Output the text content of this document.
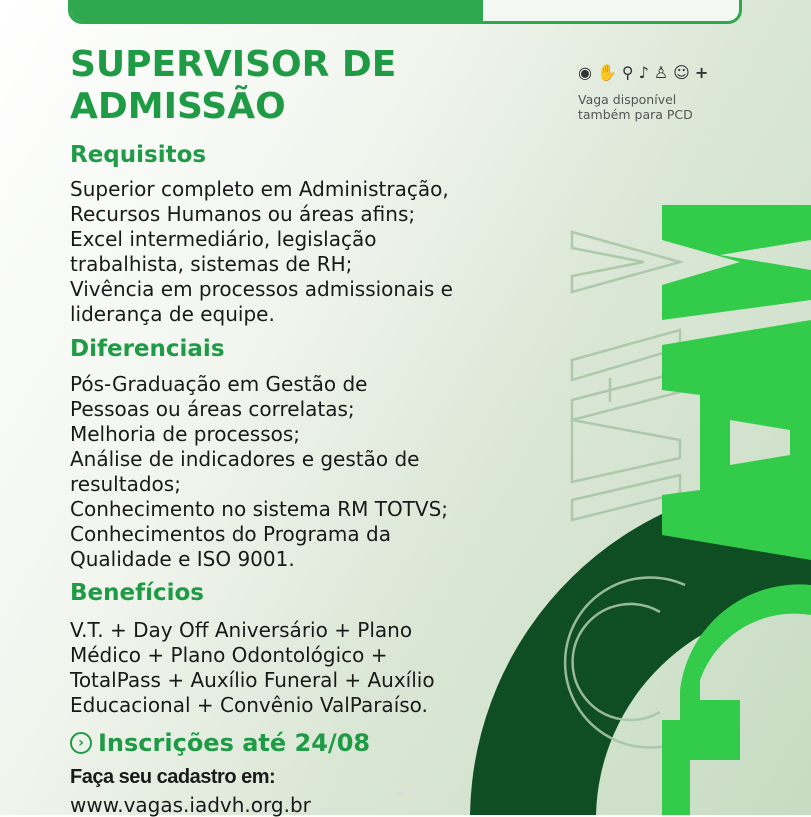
SUPERVISOR DE
ADMISSÃO
◉ ✋ ⚲ ♪ ♙ ☺ +
Vaga disponível
também para PCD
Requisitos
Superior completo em Administração,
Recursos Humanos ou áreas afins;
Excel intermediário, legislação
trabalhista, sistemas de RH;
Vivência em processos admissionais e
liderança de equipe.
Diferenciais
Pós-Graduação em Gestão de
Pessoas ou áreas correlatas;
Melhoria de processos;
Análise de indicadores e gestão de
resultados;
Conhecimento no sistema RM TOTVS;
Conhecimentos do Programa da
Qualidade e ISO 9001.
Benefícios
V.T. + Day Off Aniversário + Plano
Médico + Plano Odontológico +
TotalPass + Auxílio Funeral + Auxílio
Educacional + Convênio ValParaíso.
› Inscrições até 24/08
Faça seu cadastro em:
www.vagas.iadvh.org.br
